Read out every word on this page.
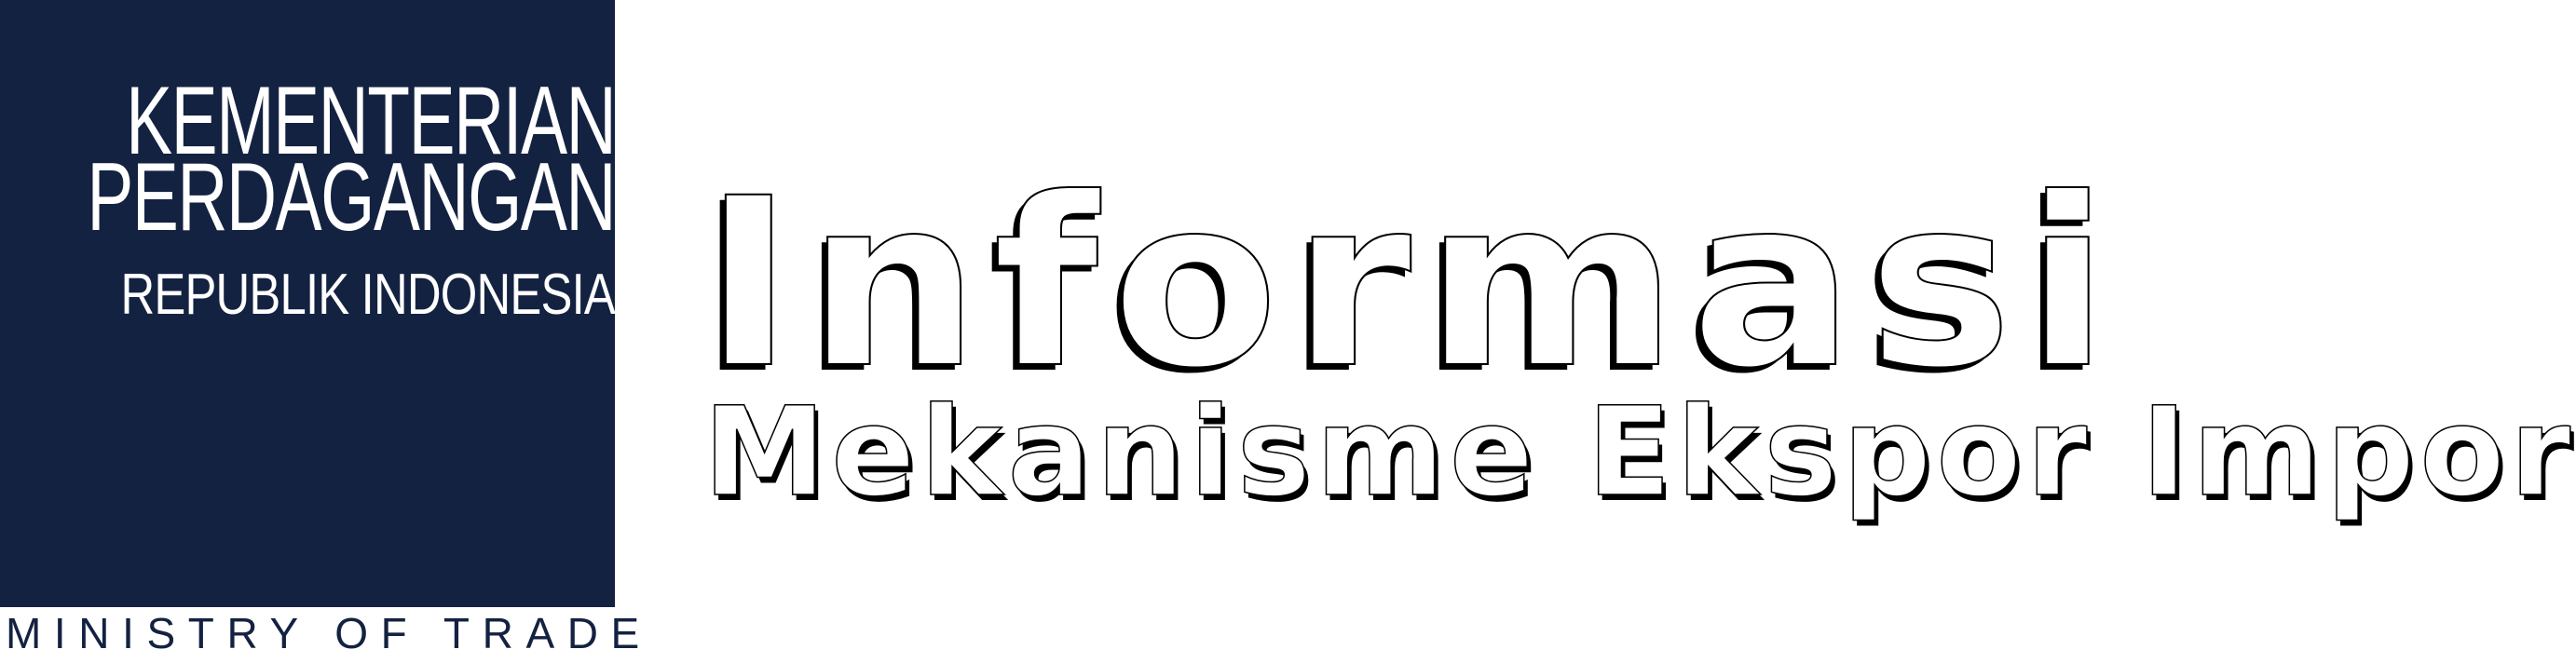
KEMENTERIAN

PERDAGANGAN

REPUBLIK INDONESIA

MINISTRY OF TRADE

Informasi
Mekanisme Ekspor Impor
